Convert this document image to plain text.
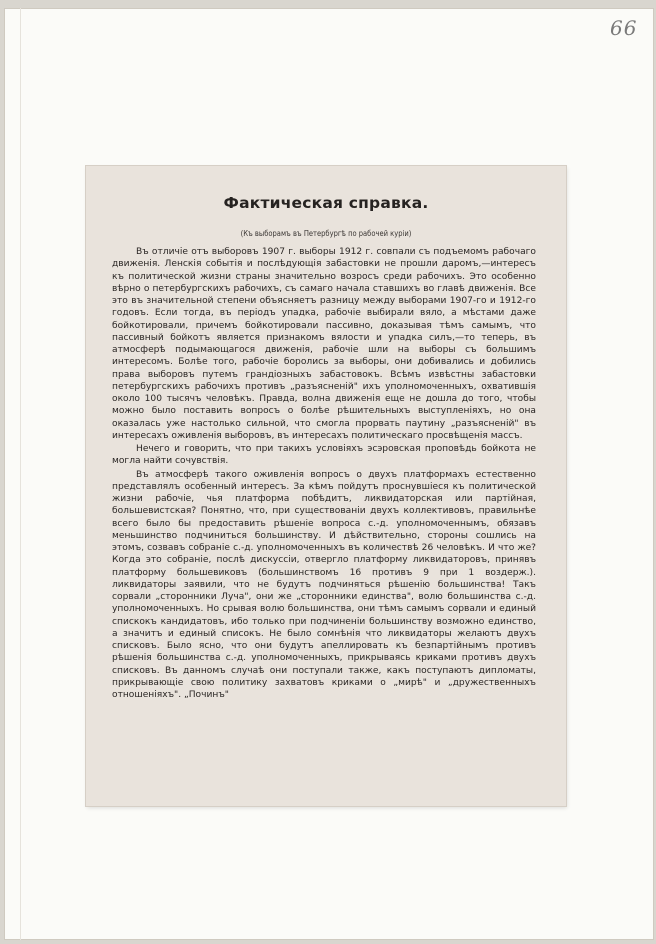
66
Фактическая справка.
(Къ выборамъ въ Петербургѣ по рабочей куріи)

Въ отличіе отъ выборовъ 1907 г. выборы 1912 г. совпали съ подъемомъ рабочаго движенія. Ленскія событія и послѣдующія забастовки не прошли даромъ,—интересъ къ политической жизни страны значительно возросъ среди рабочихъ. Это особенно вѣрно о петербургскихъ рабочихъ, съ самаго начала ставшихъ во главѣ движенія. Все это въ значительной степени объясняетъ разницу между выборами 1907-го и 1912-го годовъ. Если тогда, въ періодъ упадка, рабочіе выбирали вяло, а мѣстами даже бойкотировали, причемъ бойкотировали пассивно, доказывая тѣмъ самымъ, что пассивный бойкотъ является признакомъ вялости и упадка силъ,—то теперь, въ атмосферѣ подымающагося движенія, рабочіе шли на выборы съ большимъ интересомъ. Болѣе того, рабочіе боролись за выборы, они добивались и добились права выборовъ путемъ грандіозныхъ забастовокъ. Всѣмъ извѣстны забастовки петербургскихъ рабочихъ противъ „разъясненій" ихъ уполномоченныхъ, охватившія около 100 тысячъ человѣкъ. Правда, волна движенія еще не дошла до того, чтобы можно было поставить вопросъ о болѣе рѣшительныхъ выступленіяхъ, но она оказалась уже настолько сильной, что смогла прорвать паутину „разъясненій" въ интересахъ оживленія выборовъ, въ интересахъ политическаго просвѣщенія массъ.

Нечего и говорить, что при такихъ условіяхъ эсэровская проповѣдь бойкота не могла найти сочувствія.

Въ атмосферѣ такого оживленія вопросъ о двухъ платформахъ естественно представлялъ особенный интересъ. За кѣмъ пойдутъ проснувшіеся къ политической жизни рабочіе, чья платформа побѣдитъ, ликвидаторская или партійная, большевистская? Понятно, что, при существованіи двухъ коллективовъ, правильнѣе всего было бы предоставить рѣшеніе вопроса с.-д. уполномоченнымъ, обязавъ меньшинство подчиниться большинству. И дѣйствительно, стороны сошлись на этомъ, созвавъ собраніе с.-д. уполномоченныхъ въ количествѣ 26 человѣкъ. И что же? Когда это собраніе, послѣ дискуссіи, отвергло платформу ликвидаторовъ, принявъ платформу большевиковъ (большинствомъ 16 противъ 9 при 1 воздерж.). ликвидаторы заявили, что не будутъ подчиняться рѣшенію большинства! Такъ сорвали „сторонники Луча", они же „сторонники единства", волю большинства с.-д. уполномоченныхъ. Но срывая волю большинства, они тѣмъ самымъ сорвали и единый спискокъ кандидатовъ, ибо только при подчиненіи большинству возможно единство, а значитъ и единый списокъ. Не было сомнѣнія что ликвидаторы желаютъ двухъ списковъ. Было ясно, что они будутъ апеллировать къ безпартійнымъ противъ рѣшенія большинства с.-д. уполномоченныхъ, прикрываясь криками противъ двухъ списковъ. Въ данномъ случаѣ они поступали также, какъ поступаютъ дипломаты, прикрывающіе свою политику захватовъ криками о „мирѣ" и „дружественныхъ отношеніяхъ". „Починъ"
